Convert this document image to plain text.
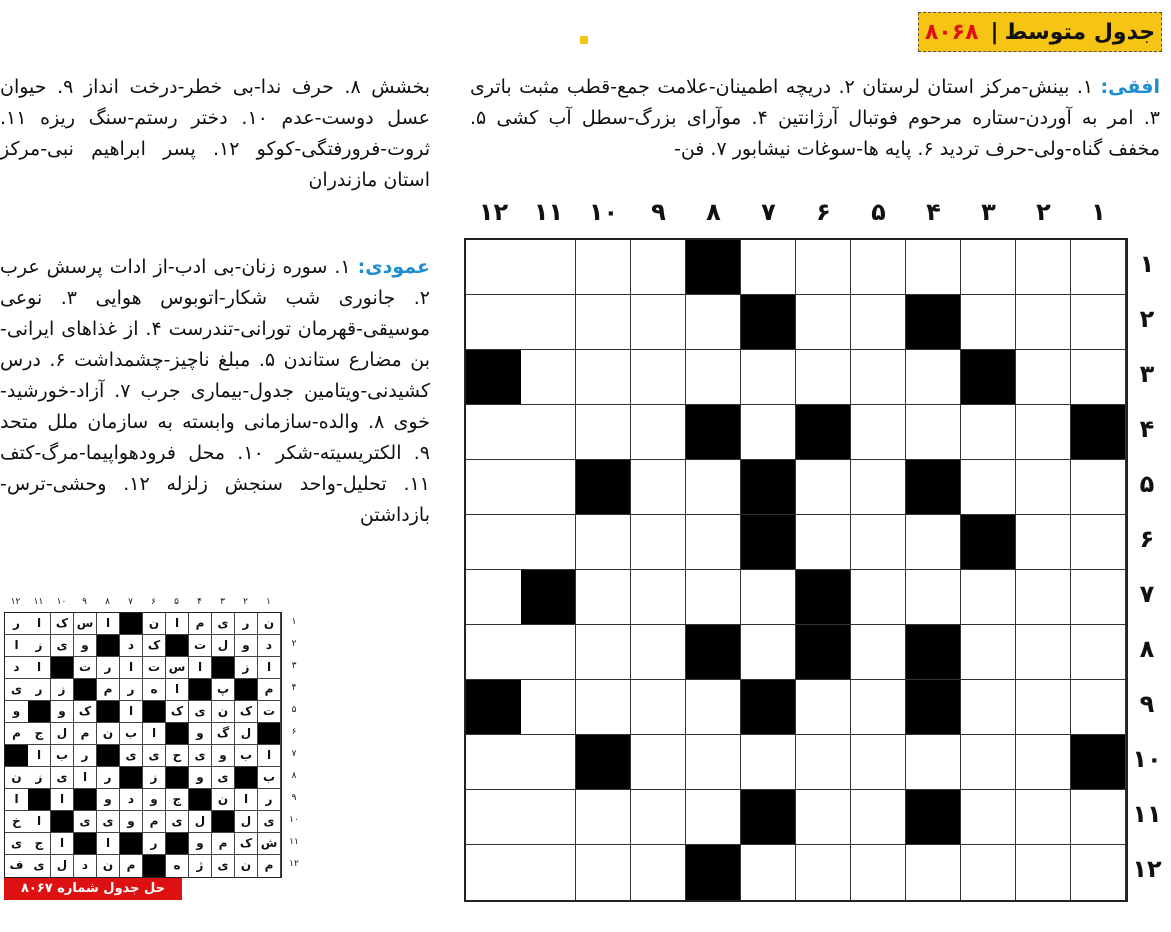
جدول متوسط
|
۸۰۶۸
افقی: ۱. بینش-مرکز استان لرستان ۲. دریچه اطمینان-علامت جمع-قطب مثبت باتری ۳. امر به آوردن-ستاره مرحوم فوتبال آرژانتین ۴. موآرای بزرگ-سطل آب کشی ۵. مخفف گناه-ولی-حرف تردید ۶. پایه ها-سوغات نیشابور ۷. فن-
بخشش ۸. حرف ندا-بی خطر-درخت انداز ۹. حیوان عسل دوست-عدم ۱۰. دختر رستم-سنگ ریزه ۱۱. ثروت-فرورفتگی-کوکو ۱۲. پسر ابراهیم نبی-مرکز استان مازندران
عمودی: ۱. سوره زنان-بی ادب-از ادات پرسش عرب ۲. جانوری شب شکار-اتوبوس هوایی ۳. نوعی موسیقی-قهرمان تورانی-تندرست ۴. از غذاهای ایرانی-بن مضارع ستاندن ۵. مبلغ ناچیز-چشمداشت ۶. درس کشیدنی-ویتامین جدول-بیماری جرب ۷. آزاد-خورشید-خوی ۸. والده-سازمانی وابسته به سازمان ملل متحد ۹. الکتریسیته-شکر ۱۰. محل فرودهواپیما-مرگ-کتف ۱۱. تحلیل-واحد سنجش زلزله ۱۲. وحشی-ترس-بازداشتن
۱
۲
۳
۴
۵
۶
۷
۸
۹
۱۰
۱۱
۱۲
۱
۲
۳
۴
۵
۶
۷
۸
۹
۱۰
۱۱
۱۲
۱
۲
۳
۴
۵
۶
۷
۸
۹
۱۰
۱۱
۱۲
ن
ر
ی
م
ا
ن
ا
س
ک
ا
ر
د
و
ل
ت
ک
د
و
ی
ز
ا
ا
ز
ا
س
ت
ا
ر
ت
ا
د
م
پ
ا
ه
ر
م
ز
ر
ی
ت
ک
ن
ی
ک
ا
ک
و
و
ل
گ
و
ا
ب
ن
م
ل
ج
م
ا
ب
و
ی
ح
ی
ی
ر
ب
ا
ب
ی
و
ز
ر
ا
ی
ز
ن
ر
ا
ن
ج
و
د
و
ا
ا
ی
ل
ل
ی
م
و
ی
ی
ا
خ
ش
ک
م
و
ر
ا
ا
ج
ی
م
ن
ی
ژ
ه
م
ن
د
ل
ی
ف
۱
۲
۳
۴
۵
۶
۷
۸
۹
۱۰
۱۱
۱۲
حل جدول شماره ۸۰۶۷
